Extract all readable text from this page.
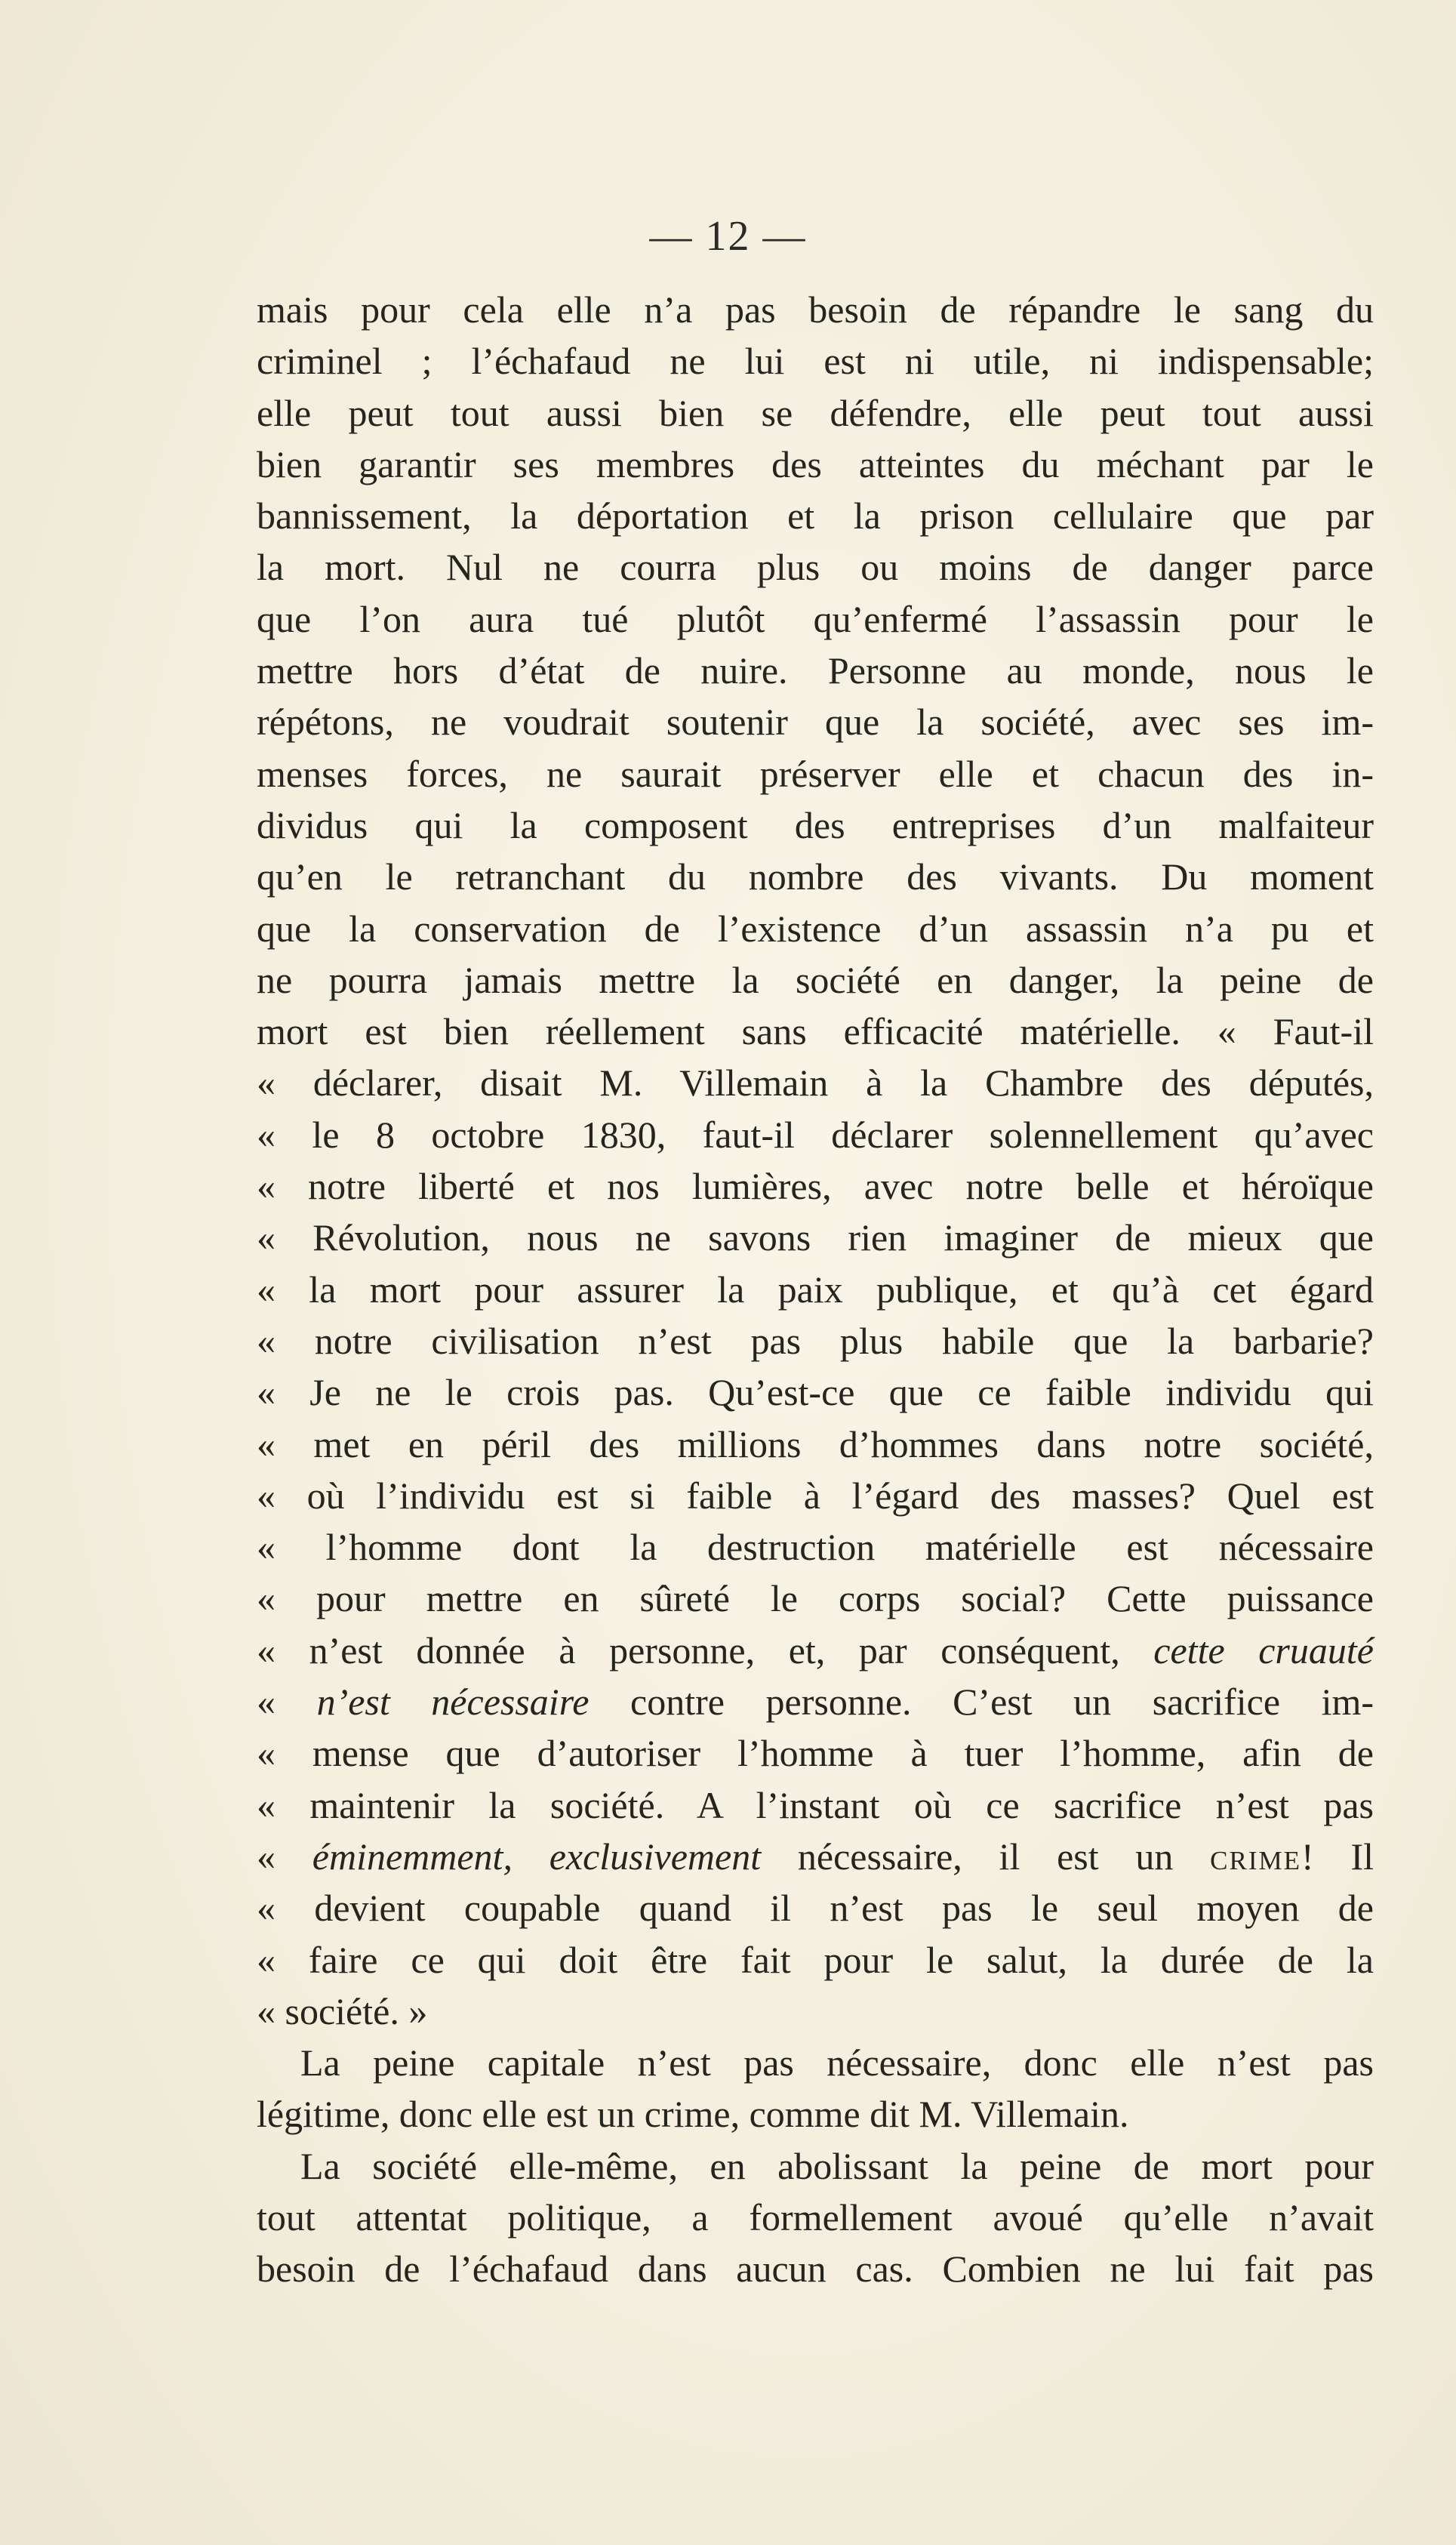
— 12 —
mais pour cela elle n’a pas besoin de répandre le sang du
criminel ; l’échafaud ne lui est ni utile, ni indispensable;
elle peut tout aussi bien se défendre, elle peut tout aussi
bien garantir ses membres des atteintes du méchant par le
bannissement, la déportation et la prison cellulaire que par
la mort. Nul ne courra plus ou moins de danger parce
que l’on aura tué plutôt qu’enfermé l’assassin pour le
mettre hors d’état de nuire. Personne au monde, nous le
répétons, ne voudrait soutenir que la société, avec ses im-
menses forces, ne saurait préserver elle et chacun des in-
dividus qui la composent des entreprises d’un malfaiteur
qu’en le retranchant du nombre des vivants. Du moment
que la conservation de l’existence d’un assassin n’a pu et
ne pourra jamais mettre la société en danger, la peine de
mort est bien réellement sans efficacité matérielle. « Faut-il
« déclarer, disait M. Villemain à la Chambre des députés,
« le 8 octobre 1830, faut-il déclarer solennellement qu’avec
« notre liberté et nos lumières, avec notre belle et héroïque
« Révolution, nous ne savons rien imaginer de mieux que
« la mort pour assurer la paix publique, et qu’à cet égard
« notre civilisation n’est pas plus habile que la barbarie?
« Je ne le crois pas. Qu’est-ce que ce faible individu qui
« met en péril des millions d’hommes dans notre société,
« où l’individu est si faible à l’égard des masses? Quel est
« l’homme dont la destruction matérielle est nécessaire
« pour mettre en sûreté le corps social? Cette puissance
« n’est donnée à personne, et, par conséquent, cette cruauté
« n’est nécessaire contre personne. C’est un sacrifice im-
« mense que d’autoriser l’homme à tuer l’homme, afin de
« maintenir la société. A l’instant où ce sacrifice n’est pas
« éminemment, exclusivement nécessaire, il est un crime! Il
« devient coupable quand il n’est pas le seul moyen de
« faire ce qui doit être fait pour le salut, la durée de la
« société. »
La peine capitale n’est pas nécessaire, donc elle n’est pas
légitime, donc elle est un crime, comme dit M. Villemain.
La société elle-même, en abolissant la peine de mort pour
tout attentat politique, a formellement avoué qu’elle n’avait
besoin de l’échafaud dans aucun cas. Combien ne lui fait pas
